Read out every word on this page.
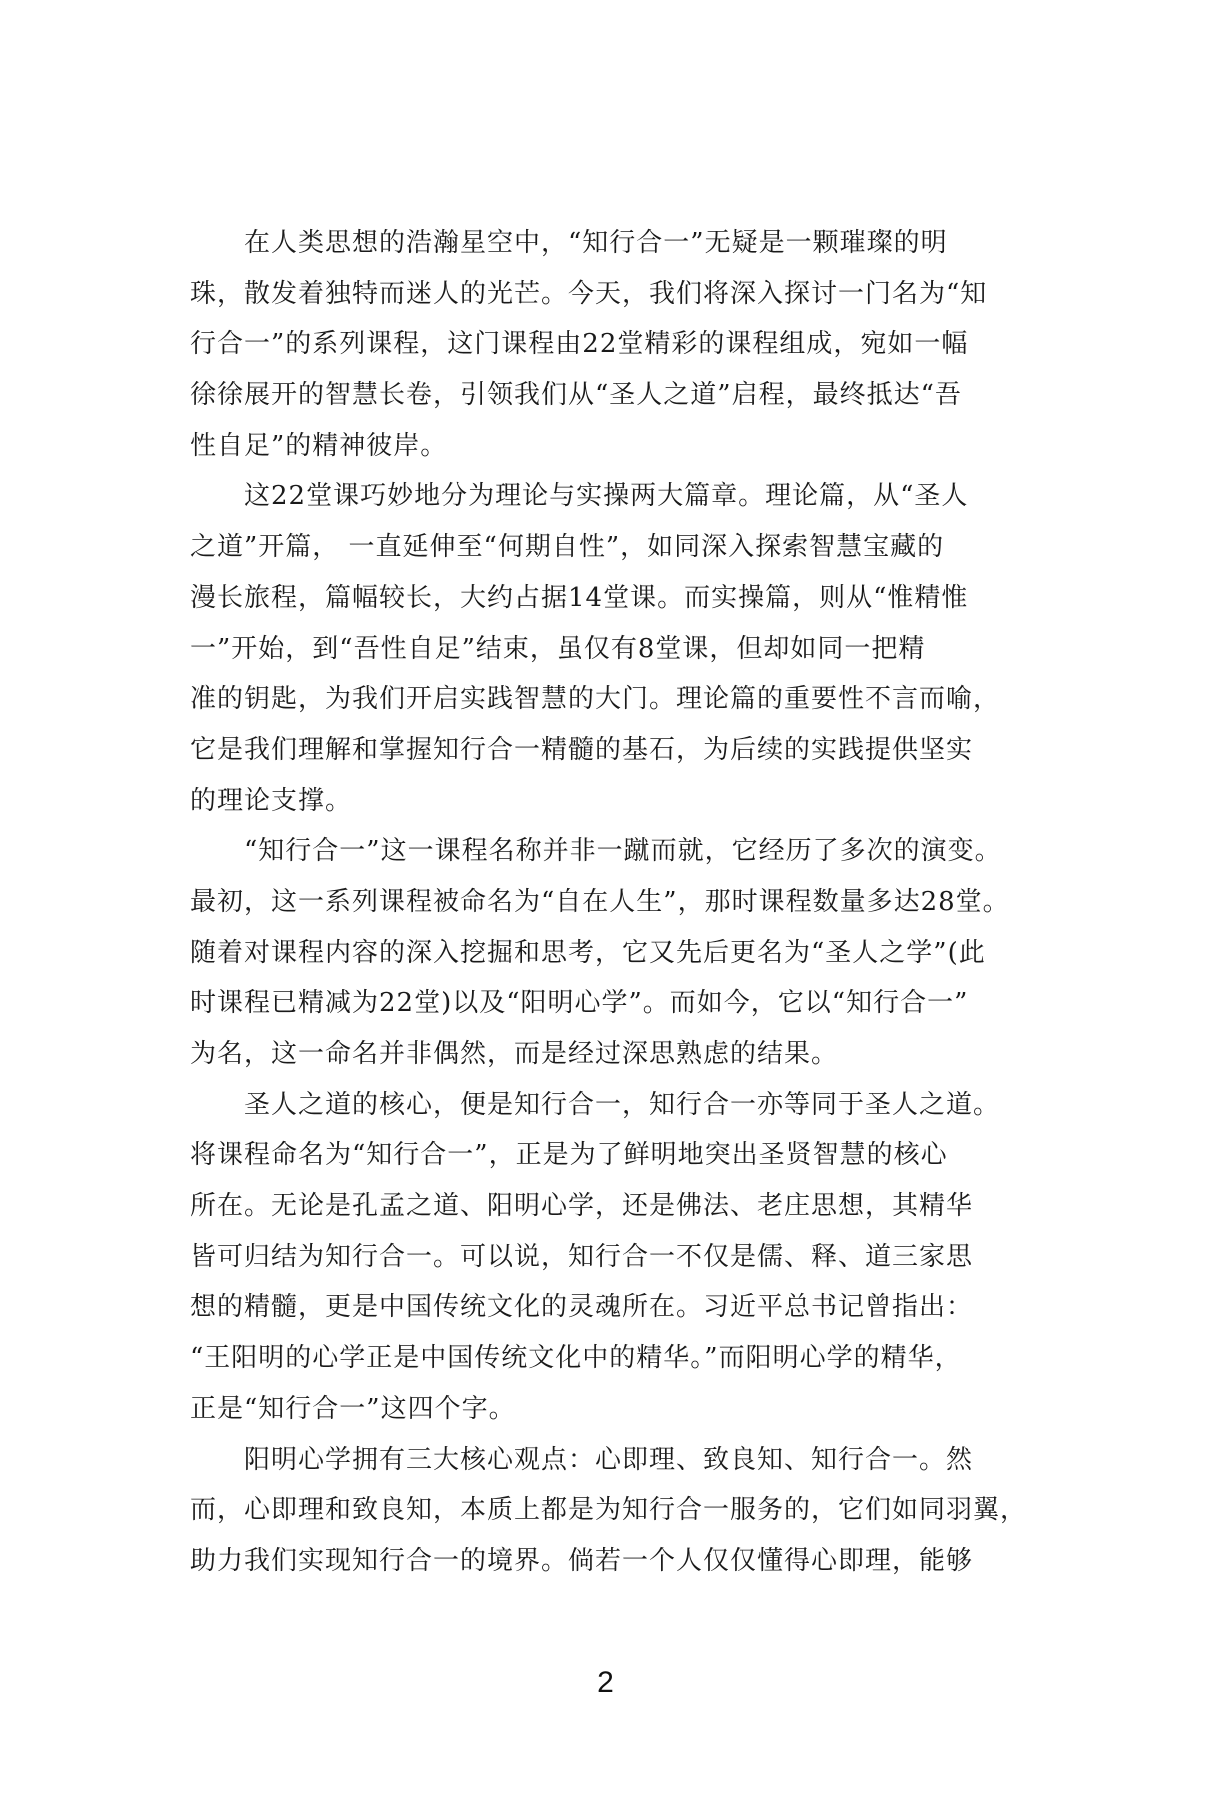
　　在人类思想的浩瀚星空中，“知行合一”无疑是一颗璀璨的明
珠，散发着独特而迷人的光芒。今天，我们将深入探讨一门名为“知
行合一”的系列课程，这门课程由22堂精彩的课程组成，宛如一幅
徐徐展开的智慧长卷，引领我们从“圣人之道”启程，最终抵达“吾
性自足”的精神彼岸。
　　这22堂课巧妙地分为理论与实操两大篇章。理论篇，从“圣人
之道”开篇， 一直延伸至“何期自性”，如同深入探索智慧宝藏的
漫长旅程，篇幅较长，大约占据14堂课。而实操篇，则从“惟精惟
一”开始，到“吾性自足”结束，虽仅有8堂课，但却如同一把精
准的钥匙，为我们开启实践智慧的大门。理论篇的重要性不言而喻，
它是我们理解和掌握知行合一精髓的基石，为后续的实践提供坚实
的理论支撑。
　　“知行合一”这一课程名称并非一蹴而就，它经历了多次的演变。
最初，这一系列课程被命名为“自在人生”，那时课程数量多达28堂。
随着对课程内容的深入挖掘和思考，它又先后更名为“圣人之学”(此
时课程已精减为22堂)以及“阳明心学”。而如今，它以“知行合一”
为名，这一命名并非偶然，而是经过深思熟虑的结果。
　　圣人之道的核心，便是知行合一，知行合一亦等同于圣人之道。
将课程命名为“知行合一”，正是为了鲜明地突出圣贤智慧的核心
所在。无论是孔孟之道、阳明心学，还是佛法、老庄思想，其精华
皆可归结为知行合一。可以说，知行合一不仅是儒、释、道三家思
想的精髓，更是中国传统文化的灵魂所在。习近平总书记曾指出：
“王阳明的心学正是中国传统文化中的精华。”而阳明心学的精华，
正是“知行合一”这四个字。
　　阳明心学拥有三大核心观点：心即理、致良知、知行合一。然
而，心即理和致良知，本质上都是为知行合一服务的，它们如同羽翼，
助力我们实现知行合一的境界。倘若一个人仅仅懂得心即理，能够
2
